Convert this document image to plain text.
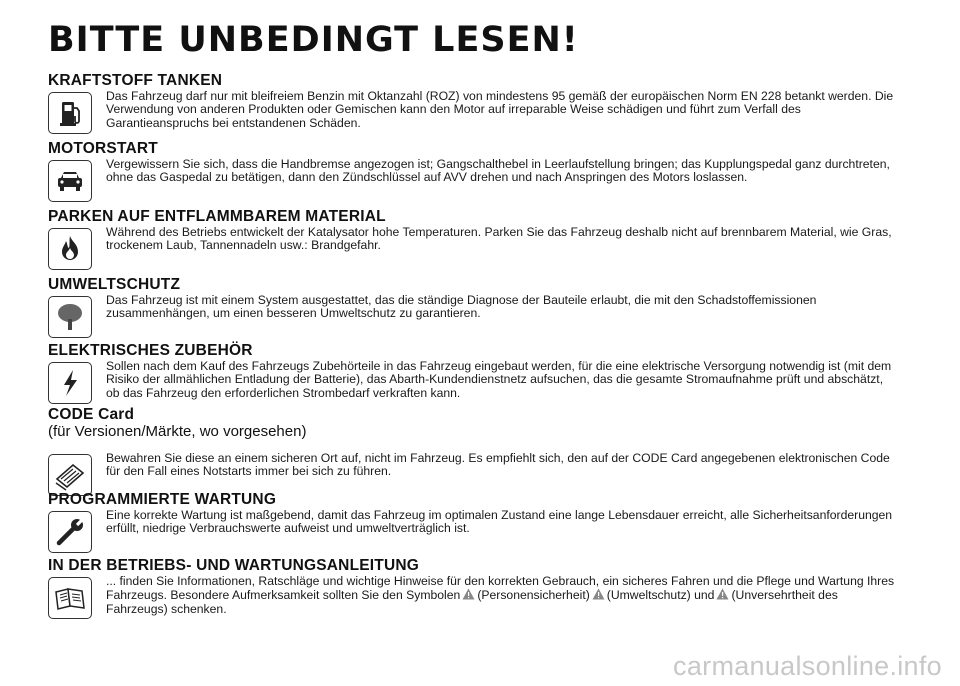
BITTE UNBEDINGT LESEN!
KRAFTSTOFF TANKEN

Das Fahrzeug darf nur mit bleifreiem Benzin mit Oktanzahl (ROZ) von mindestens 95 gemäß der europäischen Norm EN 228 betankt werden. Die Verwendung von anderen Produkten oder Gemischen kann den Motor auf irreparable Weise schädigen und führt zum Verfall des Garantieanspruchs bei entstandenen Schäden.

MOTORSTART

Vergewissern Sie sich, dass die Handbremse angezogen ist; Gangschalthebel in Leerlaufstellung bringen; das Kupplungspedal ganz durchtreten, ohne das Gaspedal zu betätigen, dann den Zündschlüssel auf AVV drehen und nach Anspringen des Motors loslassen.

PARKEN AUF ENTFLAMMBAREM MATERIAL

Während des Betriebs entwickelt der Katalysator hohe Temperaturen. Parken Sie das Fahrzeug deshalb nicht auf brennbarem Material, wie Gras, trockenem Laub, Tannennadeln usw.: Brandgefahr.

UMWELTSCHUTZ

Das Fahrzeug ist mit einem System ausgestattet, das die ständige Diagnose der Bauteile erlaubt, die mit den Schadstoffemissionen zusammenhängen, um einen besseren Umweltschutz zu garantieren.

ELEKTRISCHES ZUBEHÖR

Sollen nach dem Kauf des Fahrzeugs Zubehörteile in das Fahrzeug eingebaut werden, für die eine elektrische Versorgung notwendig ist (mit dem Risiko der allmählichen Entladung der Batterie), das Abarth-Kundendienstnetz aufsuchen, das die gesamte Stromaufnahme prüft und abschätzt, ob das Fahrzeug den erforderlichen Strombedarf verkraften kann.

CODE Card

(für Versionen/Märkte, wo vorgesehen)

Bewahren Sie diese an einem sicheren Ort auf, nicht im Fahrzeug. Es empfiehlt sich, den auf der CODE Card angegebenen elektronischen Code für den Fall eines Notstarts immer bei sich zu führen.

PROGRAMMIERTE WARTUNG

Eine korrekte Wartung ist maßgebend, damit das Fahrzeug im optimalen Zustand eine lange Lebensdauer erreicht, alle Sicherheitsanforderungen erfüllt, niedrige Verbrauchswerte aufweist und umweltverträglich ist.

IN DER BETRIEBS- UND WARTUNGSANLEITUNG

... finden Sie Informationen, Ratschläge und wichtige Hinweise für den korrekten Gebrauch, ein sicheres Fahren und die Pflege und Wartung Ihres Fahrzeugs. Besondere Aufmerksamkeit sollten Sie den Symbolen (Personensicherheit) (Umweltschutz) und (Unversehrtheit des Fahrzeugs) schenken.

carmanualsonline.info
